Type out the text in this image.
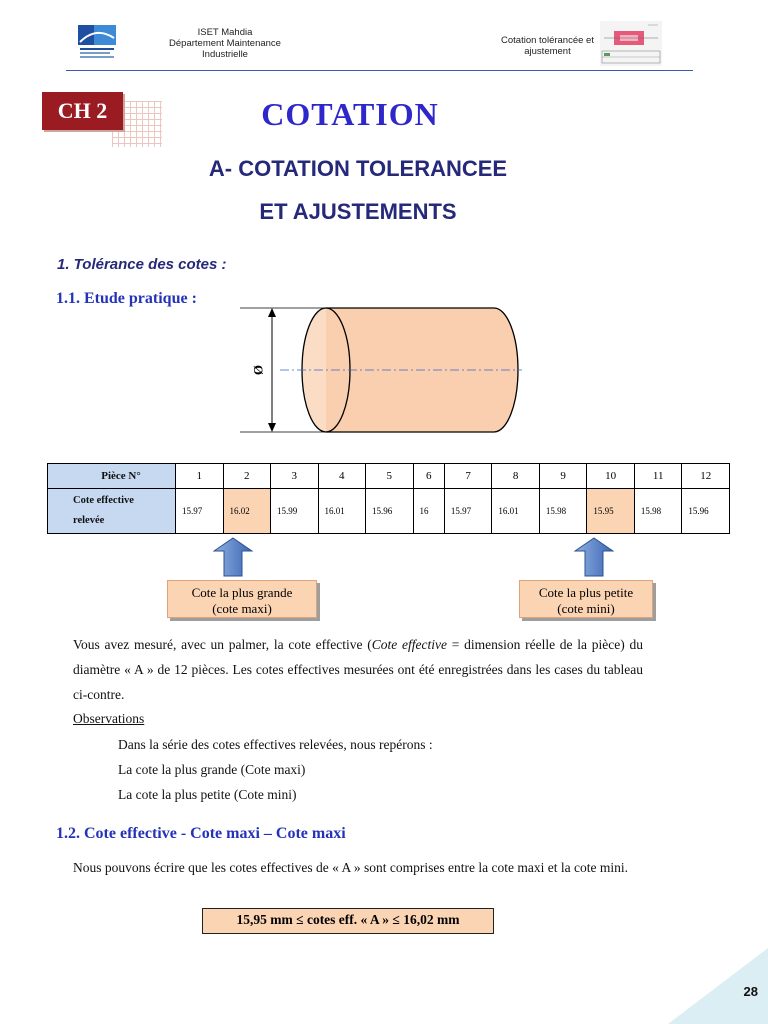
ISET Mahdia
Département Maintenance
Industrielle
Cotation tolérancée et
ajustement
CH 2	COTATION
A- COTATION TOLERANCEE
ET AJUSTEMENTS
1. Tolérance des cotes :
1.1. Etude pratique :
Ø
Pièce N°	1	2	3	4	5	6	7	8	9	10	11	12

Cote effective
relevée	15.97	16.02	15.99	16.01	15.96	16	15.97	16.01	15.98	15.95	15.98	15.96
Cote la plus grande
(cote maxi)
Cote la plus petite
(cote mini)
Vous avez mesuré, avec un palmer, la cote effective (Cote effective = dimension réelle de la pièce) du diamètre « A » de 12 pièces. Les cotes effectives mesurées ont été enregistrées dans les cases du tableau ci-contre.
Observations
Dans la série des cotes effectives relevées, nous repérons :
La cote la plus grande (Cote maxi)
La cote la plus petite (Cote mini)
1.2. Cote effective - Cote maxi – Cote maxi
Nous pouvons écrire que les cotes effectives de « A » sont comprises entre la cote maxi et la cote mini.
15,95 mm ≤ cotes eff. « A » ≤ 16,02 mm
28
